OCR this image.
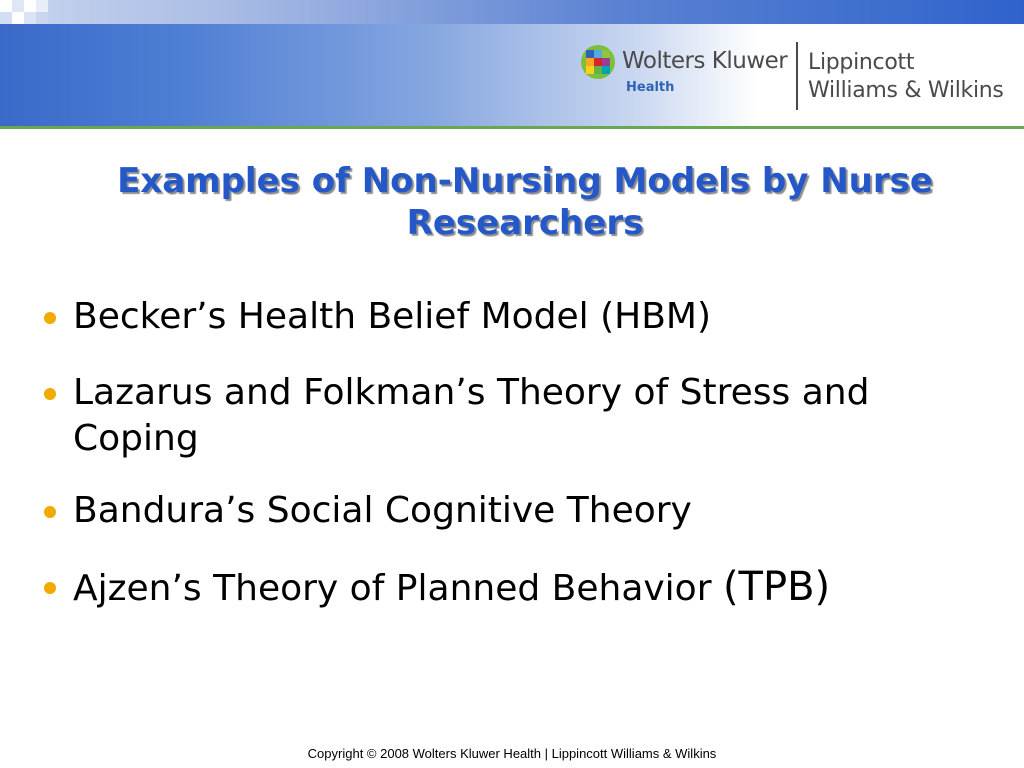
Wolters Kluwer
Health
Lippincott
Williams & Wilkins
Examples of Non-Nursing Models by Nurse
Researchers
Becker’s Health Belief Model (HBM)
Lazarus and Folkman’s Theory of Stress and Coping
Bandura’s Social Cognitive Theory
Ajzen’s Theory of Planned Behavior (TPB)
Copyright © 2008 Wolters Kluwer Health | Lippincott Williams & Wilkins
